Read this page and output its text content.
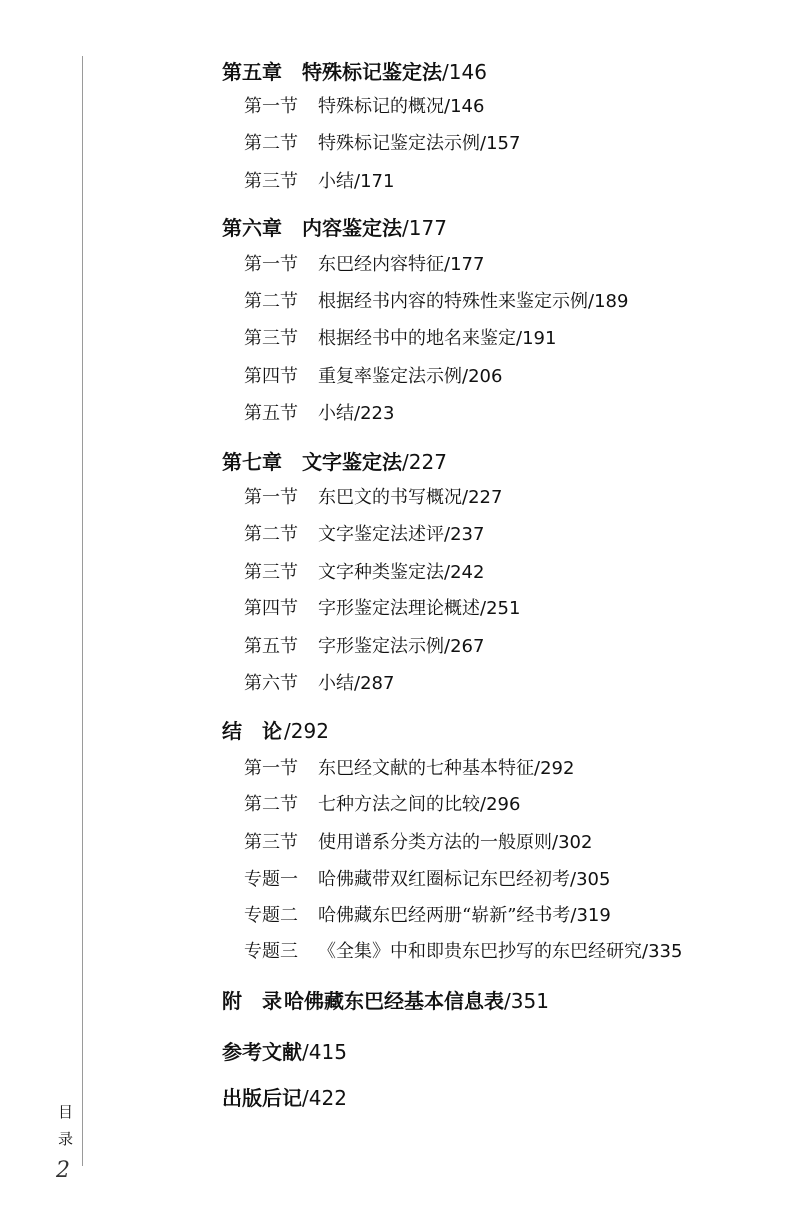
第五章 特殊标记鉴定法/146
第一节 特殊标记的概况/146
第二节 特殊标记鉴定法示例/157
第三节 小结/171
第六章 内容鉴定法/177
第一节 东巴经内容特征/177
第二节 根据经书内容的特殊性来鉴定示例/189
第三节 根据经书中的地名来鉴定/191
第四节 重复率鉴定法示例/206
第五节 小结/223
第七章 文字鉴定法/227
第一节 东巴文的书写概况/227
第二节 文字鉴定法述评/237
第三节 文字种类鉴定法/242
第四节 字形鉴定法理论概述/251
第五节 字形鉴定法示例/267
第六节 小结/287
结　论 /292
第一节 东巴经文献的七种基本特征/292
第二节 七种方法之间的比较/296
第三节 使用谱系分类方法的一般原则/302
专题一 哈佛藏带双红圈标记东巴经初考/305
专题二 哈佛藏东巴经两册“崭新”经书考/319
专题三 《全集》中和即贵东巴抄写的东巴经研究/335
附　录 哈佛藏东巴经基本信息表/351
参考文献/415
出版后记/422
目
录
2
